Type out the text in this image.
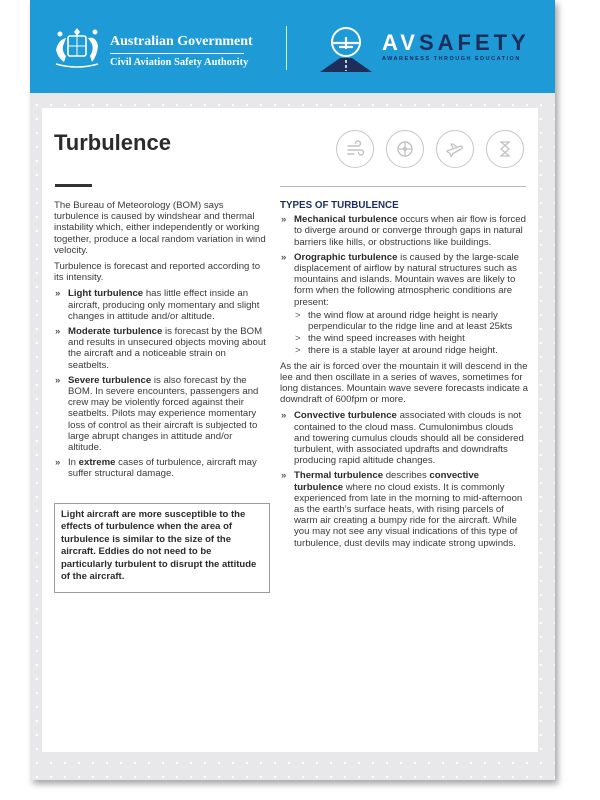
Australian Government
Civil Aviation Safety Authority
AVSAFETY
AWARENESS THROUGH EDUCATION
Turbulence

The Bureau of Meteorology (BOM) says turbulence is caused by windshear and thermal instability which, either independently or working together, produce a local random variation in wind velocity.

Turbulence is forecast and reported according to its intensity.

» Light turbulence has little effect inside an aircraft, producing only momentary and slight changes in attitude and/or altitude.
» Moderate turbulence is forecast by the BOM and results in unsecured objects moving about the aircraft and a noticeable strain on seatbelts.
» Severe turbulence is also forecast by the BOM. In severe encounters, passengers and crew may be violently forced against their seatbelts. Pilots may experience momentary loss of control as their aircraft is subjected to large abrupt changes in attitude and/or altitude.
» In extreme cases of turbulence, aircraft may suffer structural damage.
Light aircraft are more susceptible to the effects of turbulence when the area of turbulence is similar to the size of the aircraft. Eddies do not need to be particularly turbulent to disrupt the attitude of the aircraft.
TYPES OF TURBULENCE
» Mechanical turbulence occurs when air flow is forced to diverge around or converge through gaps in natural barriers like hills, or obstructions like buildings.
» Orographic turbulence is caused by the large-scale displacement of airflow by natural structures such as mountains and islands. Mountain waves are likely to form when the following atmospheric conditions are present:
> the wind flow at around ridge height is nearly perpendicular to the ridge line and at least 25kts
> the wind speed increases with height
> there is a stable layer at around ridge height.

As the air is forced over the mountain it will descend in the lee and then oscillate in a series of waves, sometimes for long distances. Mountain wave severe forecasts indicate a downdraft of 600fpm or more.

» Convective turbulence associated with clouds is not contained to the cloud mass. Cumulonimbus clouds and towering cumulus clouds should all be considered turbulent, with associated updrafts and downdrafts producing rapid altitude changes.
» Thermal turbulence describes convective turbulence where no cloud exists. It is commonly experienced from late in the morning to mid-afternoon as the earth’s surface heats, with rising parcels of warm air creating a bumpy ride for the aircraft. While you may not see any visual indications of this type of turbulence, dust devils may indicate strong upwinds.
